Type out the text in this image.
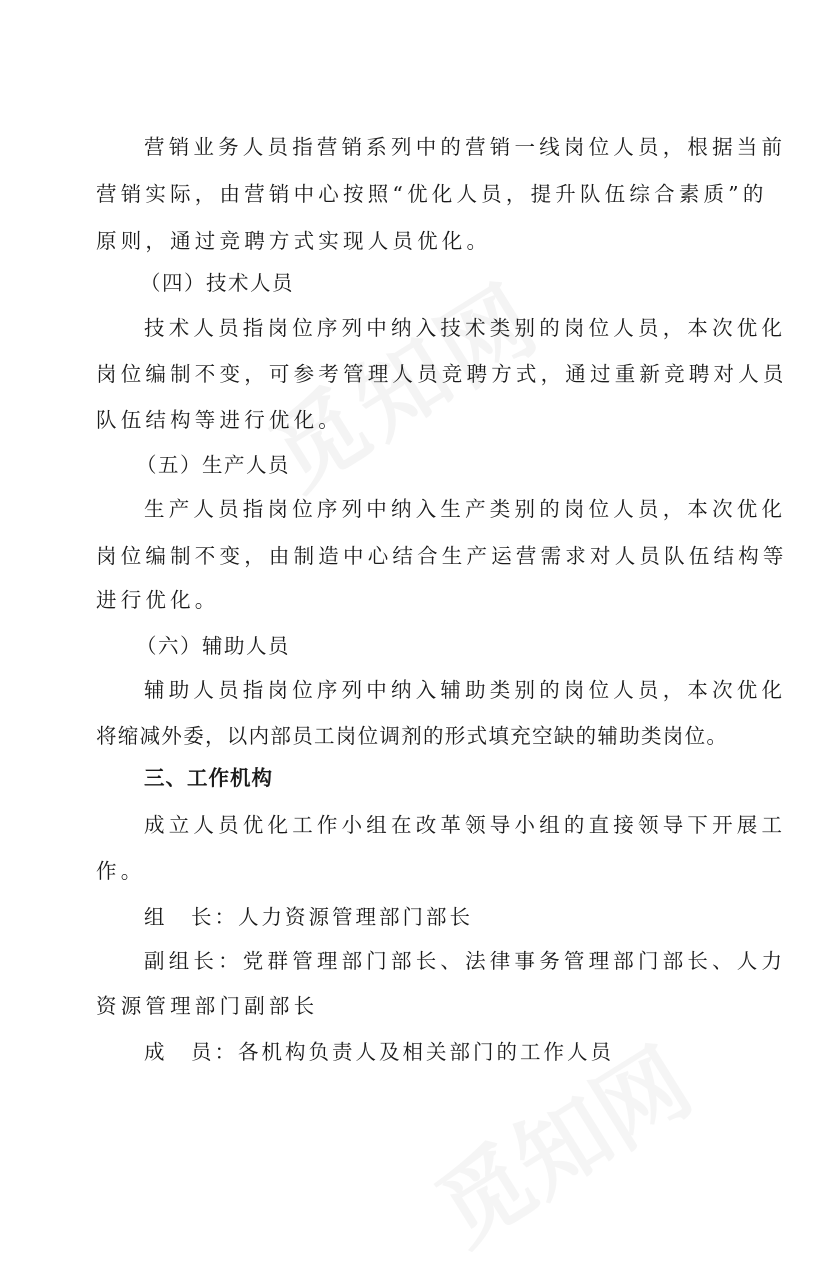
营销业务人员指营销系列中的营销一线岗位人员，根据当前
营销实际，由营销中心按照“优化人员，提升队伍综合素质”的
原则，通过竞聘方式实现人员优化。
（四）技术人员
技术人员指岗位序列中纳入技术类别的岗位人员，本次优化
岗位编制不变，可参考管理人员竞聘方式，通过重新竞聘对人员
队伍结构等进行优化。
（五）生产人员
生产人员指岗位序列中纳入生产类别的岗位人员，本次优化
岗位编制不变，由制造中心结合生产运营需求对人员队伍结构等
进行优化。
（六）辅助人员
辅助人员指岗位序列中纳入辅助类别的岗位人员，本次优化
将缩减外委，以内部员工岗位调剂的形式填充空缺的辅助类岗位。
三、工作机构
成立人员优化工作小组在改革领导小组的直接领导下开展工
作。
组　长：人力资源管理部门部长
副组长：党群管理部门部长、法律事务管理部门部长、人力
资源管理部门副部长
成　员：各机构负责人及相关部门的工作人员
